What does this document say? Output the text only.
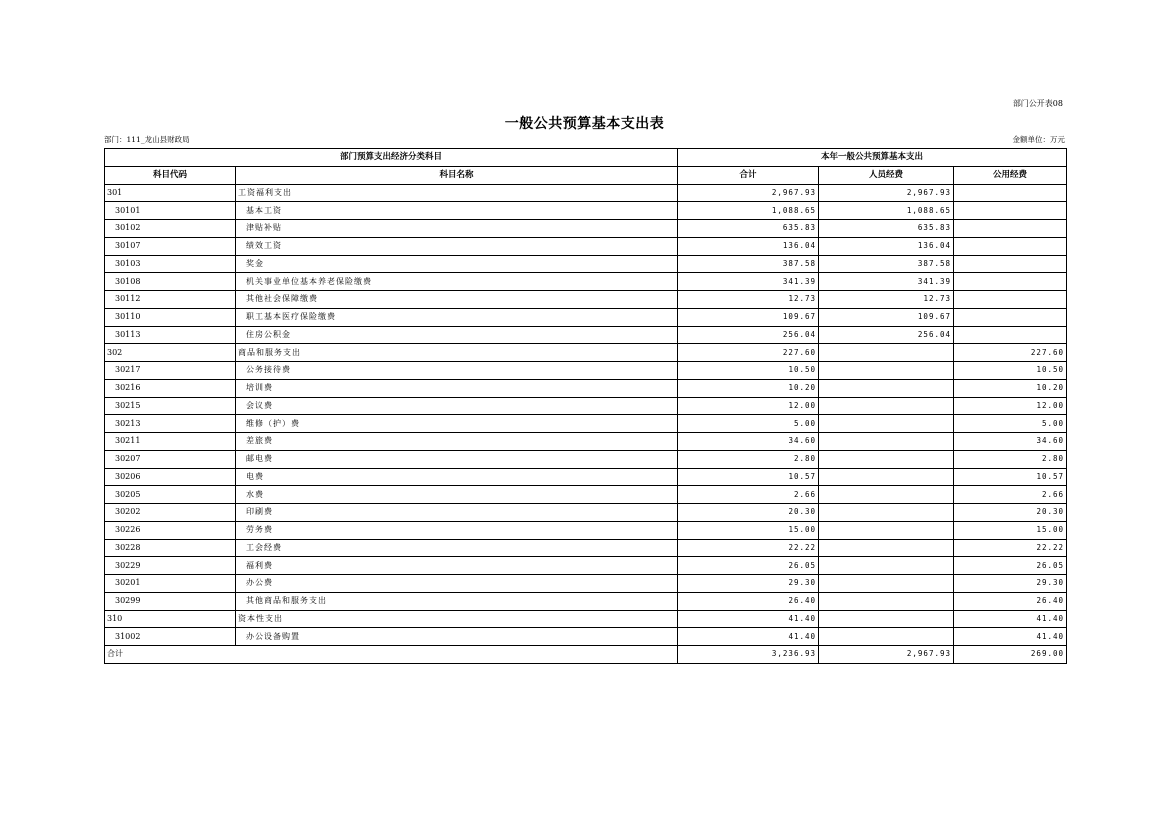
部门公开表08
一般公共预算基本支出表
部门：111_龙山县财政局	金额单位：万元
部门预算支出经济分类科目		本年一般公共预算基本支出		
科目代码	科目名称	合计	人员经费	公用经费
301	工资福利支出	2,967.93	2,967.93	
30101	基本工资	1,088.65	1,088.65	
30102	津贴补贴	635.83	635.83	
30107	绩效工资	136.04	136.04	
30103	奖金	387.58	387.58	
30108	机关事业单位基本养老保险缴费	341.39	341.39	
30112	其他社会保障缴费	12.73	12.73	
30110	职工基本医疗保险缴费	109.67	109.67	
30113	住房公积金	256.04	256.04	
302	商品和服务支出	227.60		227.60
30217	公务接待费	10.50		10.50
30216	培训费	10.20		10.20
30215	会议费	12.00		12.00
30213	维修（护）费	5.00		5.00
30211	差旅费	34.60		34.60
30207	邮电费	2.80		2.80
30206	电费	10.57		10.57
30205	水费	2.66		2.66
30202	印刷费	20.30		20.30
30226	劳务费	15.00		15.00
30228	工会经费	22.22		22.22
30229	福利费	26.05		26.05
30201	办公费	29.30		29.30
30299	其他商品和服务支出	26.40		26.40
310	资本性支出	41.40		41.40
31002	办公设备购置	41.40		41.40
合计		3,236.93	2,967.93	269.00
